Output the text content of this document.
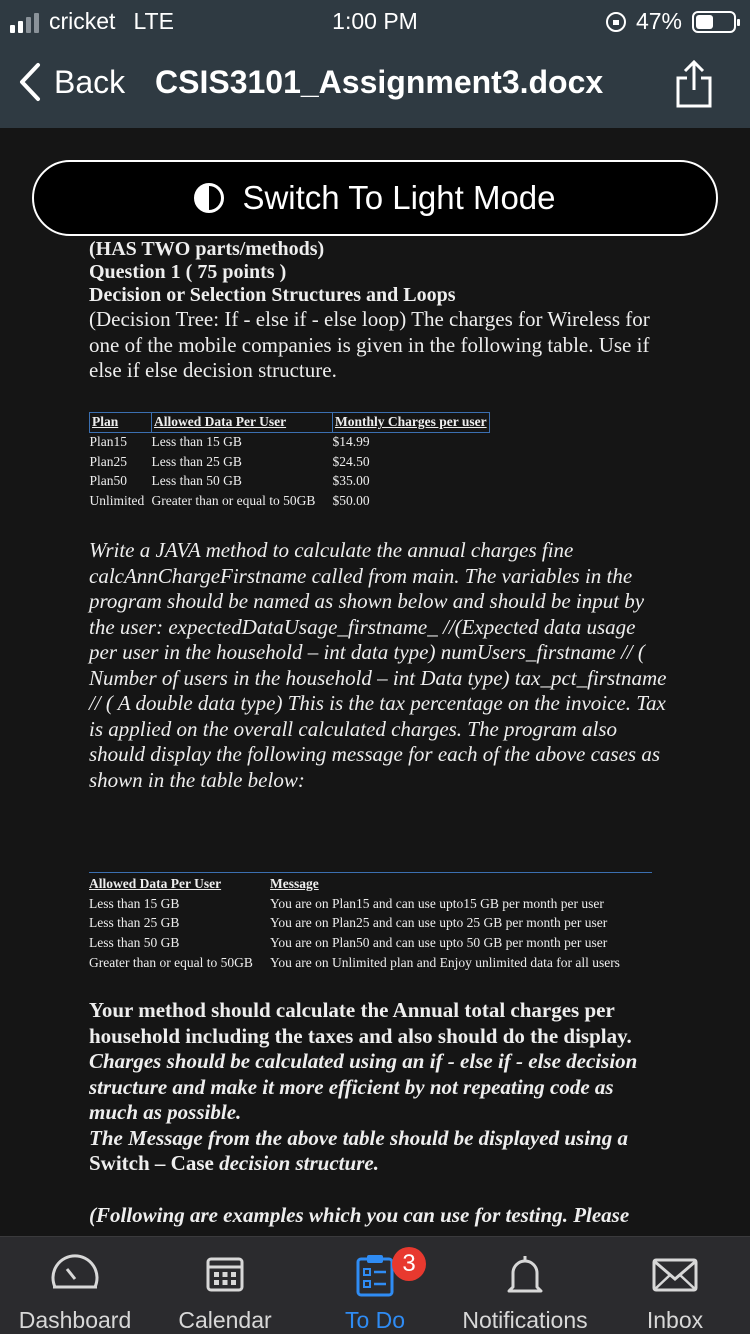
cricket LTE	1:00 PM	47%
Back CSIS3101_Assignment3.docx
Switch To Light Mode
(HAS TWO parts/methods)
Question 1 ( 75 points )
Decision or Selection Structures and Loops
(Decision Tree: If - else if - else loop) The charges for Wireless for one of the mobile companies is given in the following table. Use if else if else decision structure.
Plan	Allowed Data Per User	Monthly Charges per user
Plan15	Less than 15 GB	$14.99
Plan25	Less than 25 GB	$24.50
Plan50	Less than 50 GB	$35.00
Unlimited	Greater than or equal to 50GB	$50.00
Write a JAVA method to calculate the annual charges fine calcAnnChargeFirstname called from main. The variables in the program should be named as shown below and should be input by the user: expectedDataUsage_firstname_ //(Expected data usage per user in the household – int data type) numUsers_firstname // ( Number of users in the household – int Data type) tax_pct_firstname // ( A double data type) This is the tax percentage on the invoice. Tax is applied on the overall calculated charges. The program also should display the following message for each of the above cases as shown in the table below:
Allowed Data Per User	Message
Less than 15 GB	You are on Plan15 and can use upto15 GB per month per user
Less than 25 GB	You are on Plan25 and can use upto 25 GB per month per user
Less than 50 GB	You are on Plan50 and can use upto 50 GB per month per user
Greater than or equal to 50GB	You are on Unlimited plan and Enjoy unlimited data for all users
Your method should calculate the Annual total charges per household including the taxes and also should do the display.
Charges should be calculated using an if - else if - else decision structure and make it more efficient by not repeating code as much as possible.
The Message from the above table should be displayed using a
Switch – Case decision structure.
(Following are examples which you can use for testing. Please
Dashboard	Calendar
3
To Do	Notifications	Inbox
